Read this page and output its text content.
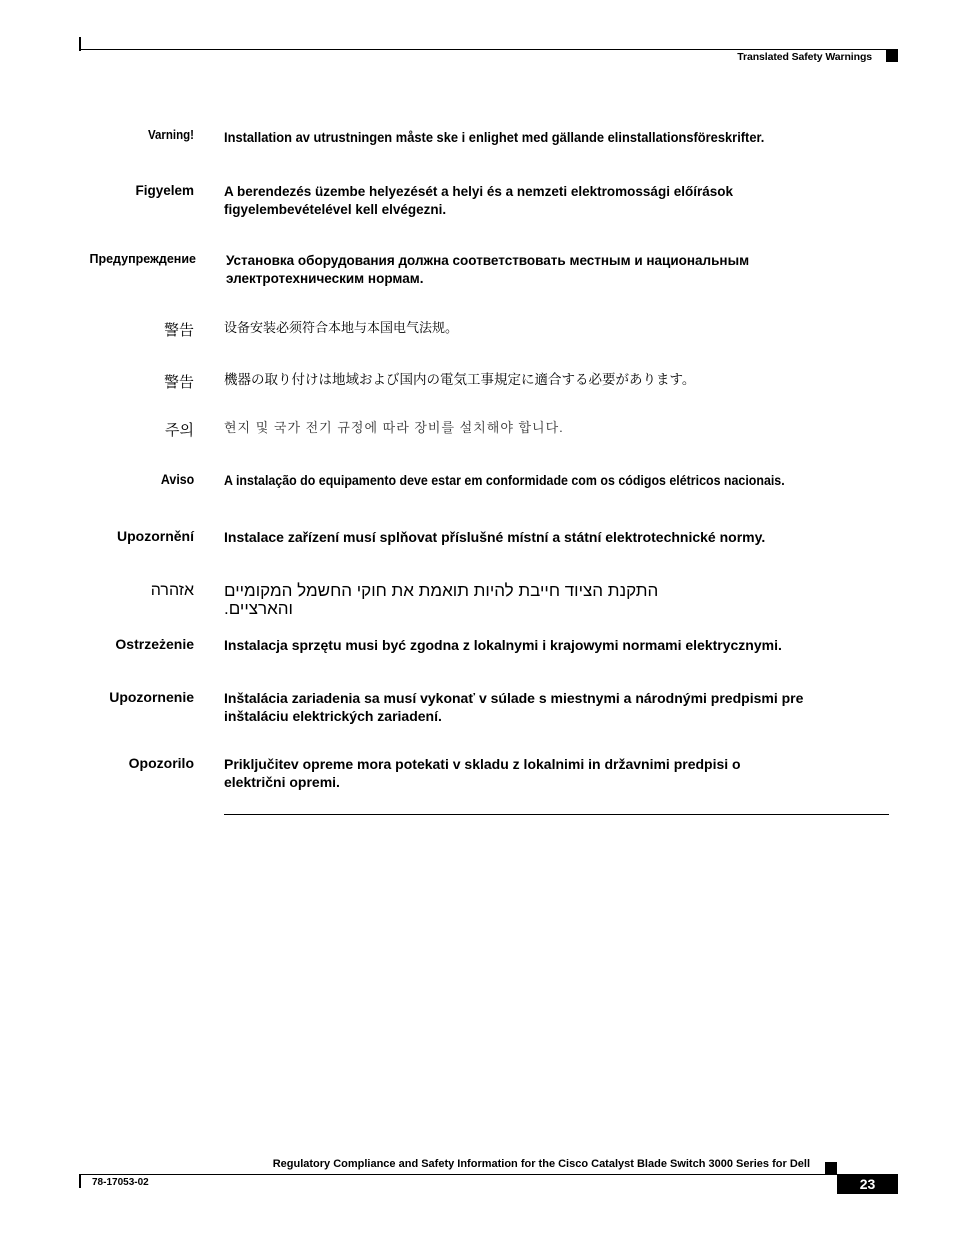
Translated Safety Warnings
Varning! Installation av utrustningen måste ske i enlighet med gällande elinstallationsföreskrifter.
Figyelem A berendezés üzembe helyezését a helyi és a nemzeti elektromossági előírások figyelembevételével kell elvégezni.
Предупреждение Установка оборудования должна соответствовать местным и национальным электротехническим нормам.
警告 设备安装必须符合本地与本国电气法规。
警告 機器の取り付けは地域および国内の電気工事規定に適合する必要があります。
주의 현지 및 국가 전기 규정에 따라 장비를 설치해야 합니다.
Aviso A instalação do equipamento deve estar em conformidade com os códigos elétricos nacionais.
Upozornění Instalace zařízení musí splňovat příslušné místní a státní elektrotechnické normy.
אזהרה התקנת הציוד חייבת להיות תואמת את חוקי החשמל המקומיים והארציים.
Ostrzeżenie Instalacja sprzętu musi być zgodna z lokalnymi i krajowymi normami elektrycznymi.
Upozornenie Inštalácia zariadenia sa musí vykonať v súlade s miestnymi a národnými predpismi pre inštaláciu elektrických zariadení.
Opozorilo Priključitev opreme mora potekati v skladu z lokalnimi in državnimi predpisi o električni opremi.
Regulatory Compliance and Safety Information for the Cisco Catalyst Blade Switch 3000 Series for Dell
78-17053-02	23
